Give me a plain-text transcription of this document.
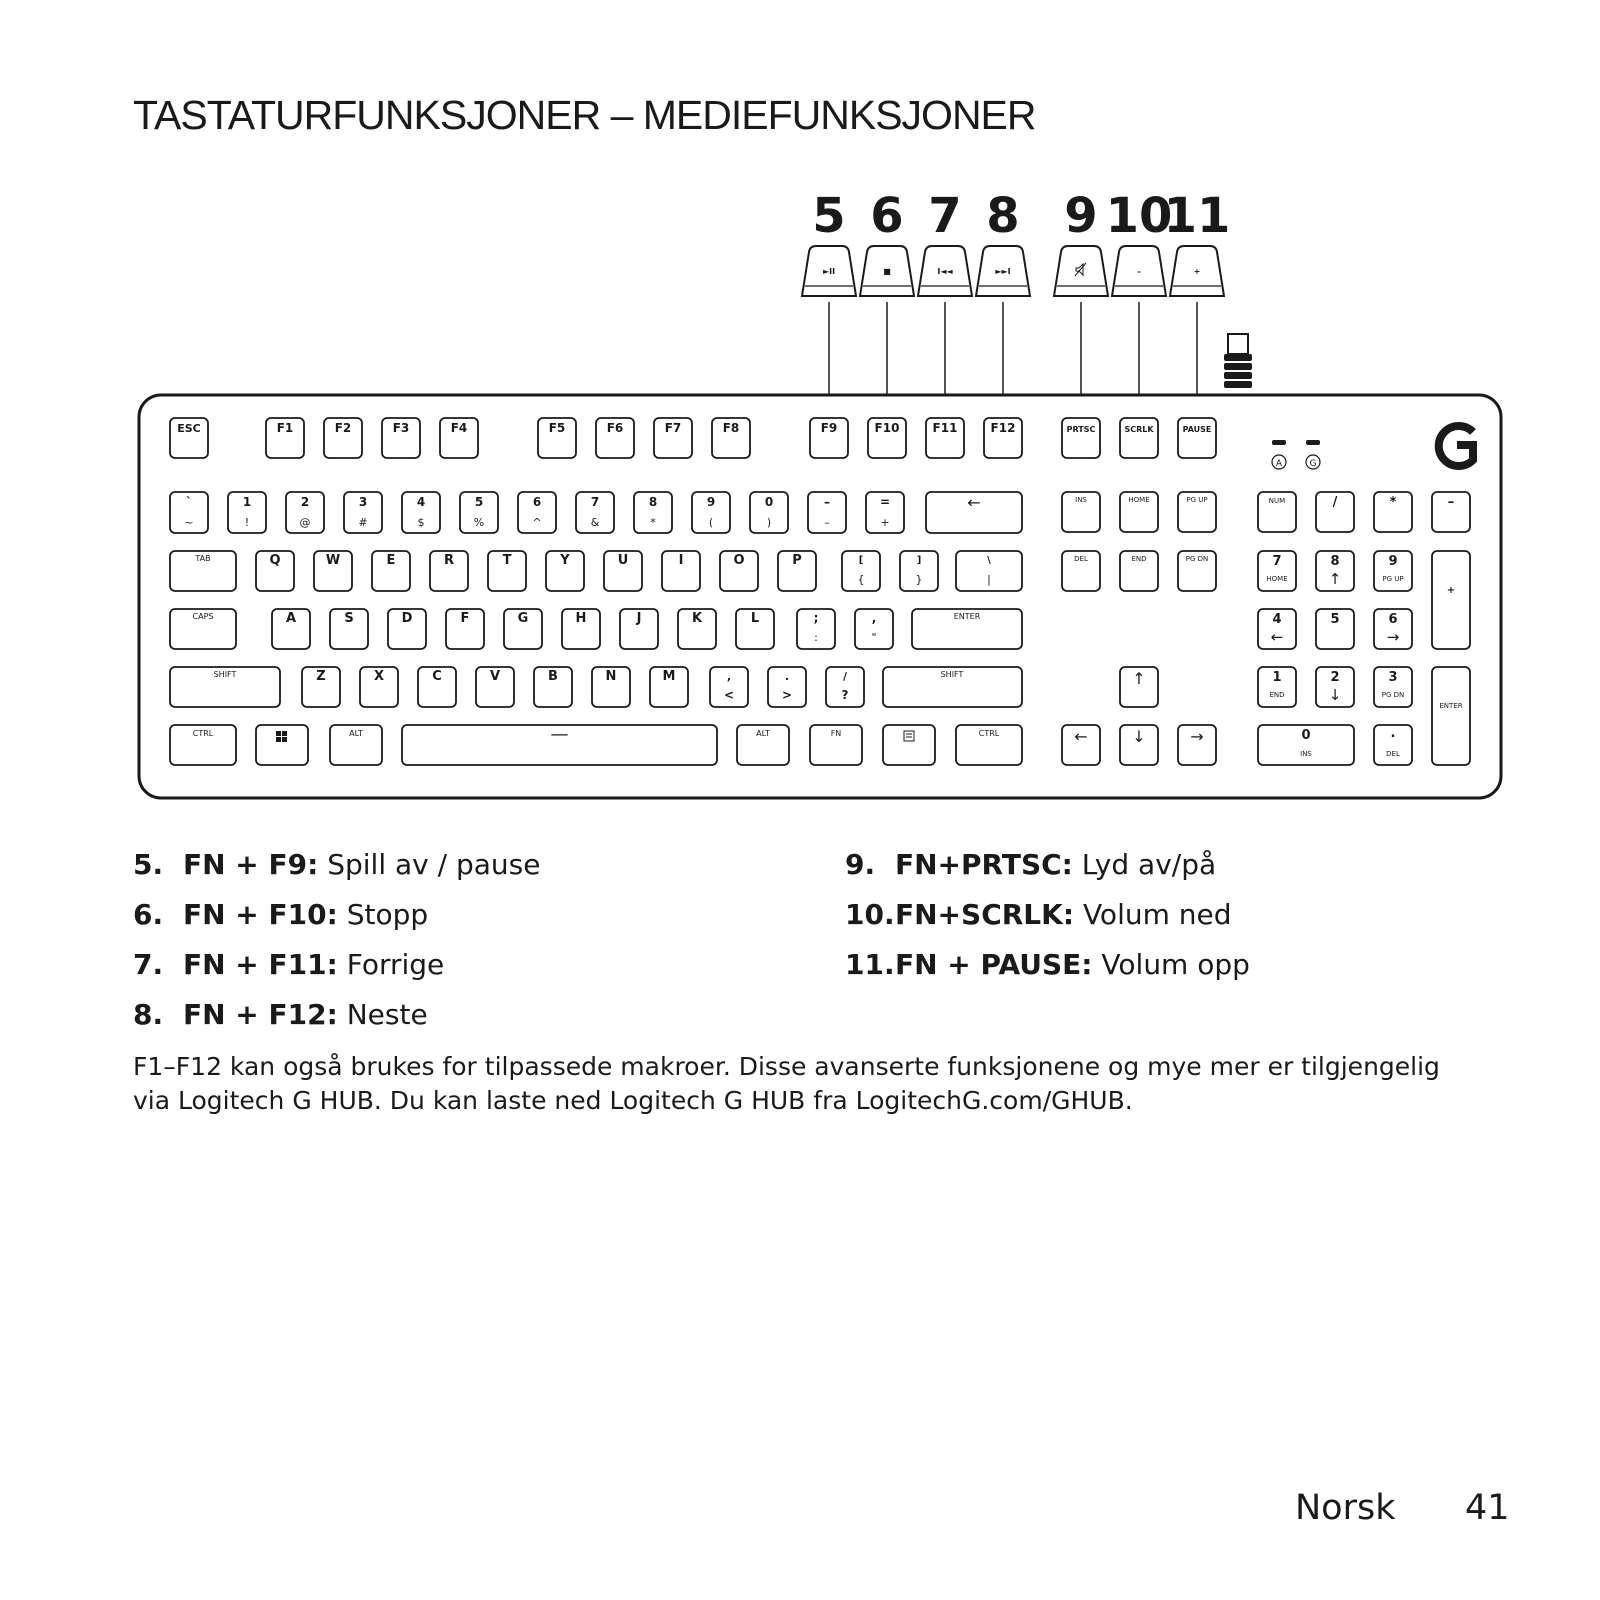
TASTATURFUNKSJONER – MEDIEFUNKSJONER
5 6 7 8 9 10
11
►II	■	I◄◄	►►I	–	+
ESC	F1	F2	F3	F4	F5	F6	F7	F8	F9	F10	F11	F12	PRTSC	SCRLK	PAUSE
`
~
1
!
2
@
3
#
4
$
5
%
6
^
7
&
8
*
9
(
0
)
–
–
=
+
←
TAB	Q	W	E	R	T	Y	U	I	O	P	[
{
]
}
\
|
CAPS	A	S	D	F	G	H	J	K	L	;
:
,
"
ENTER
SHIFT	Z	X	C	V	B	N	M	,
<
.
>
/
?
SHIFT
CTRL	ALT	—	ALT	FN	CTRL
INS	HOME	PG UP
DEL	END	PG DN
↑
←	↓	→
NUM	/	*	–
7
HOME
8
↑
9
PG UP
4
←
5	6
→
1
END
2
↓
3
PG DN
0
INS
.
DEL
+
ENTER
A	G
5. FN + F9: Spill av / pause
6. FN + F10: Stopp
7. FN + F11: Forrige
8. FN + F12: Neste
9. FN+PRTSC: Lyd av/på
10. FN+SCRLK: Volum ned
11. FN + PAUSE: Volum opp

F1–F12 kan også brukes for tilpassede makroer. Disse avanserte funksjonene og mye mer er tilgjengelig via Logitech G HUB. Du kan laste ned Logitech G HUB fra LogitechG.com/GHUB.

Norsk 41
